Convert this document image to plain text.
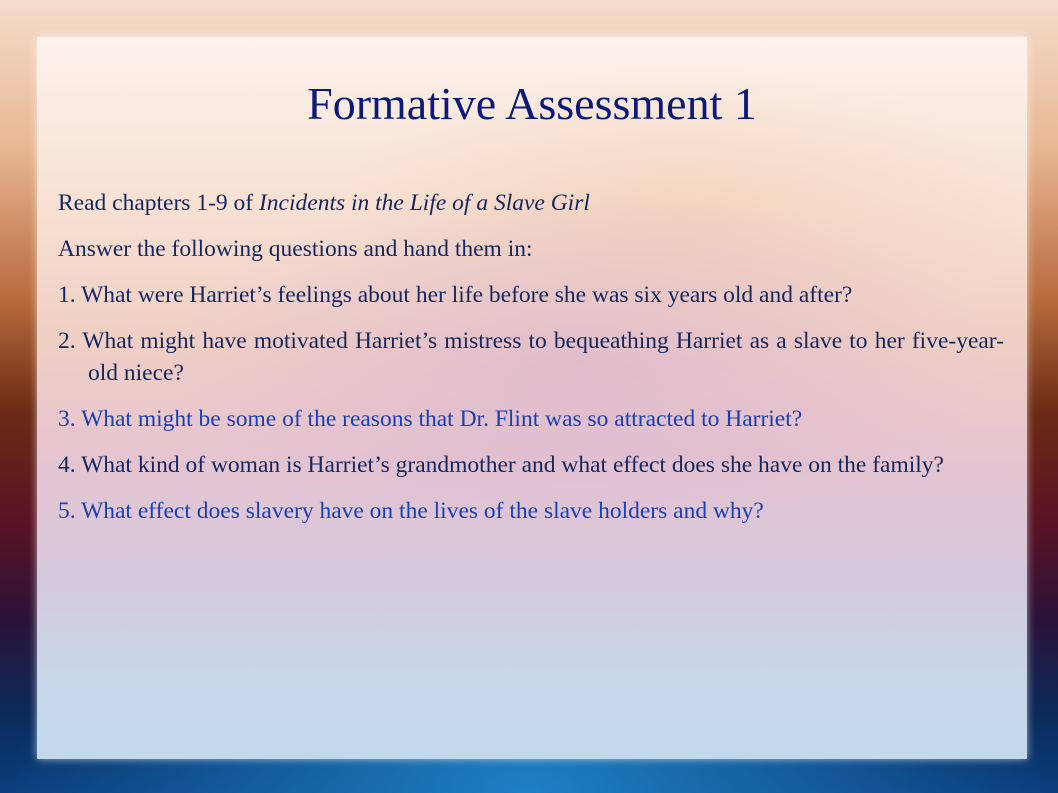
Formative Assessment 1

Read chapters 1-9 of Incidents in the Life of a Slave Girl

Answer the following questions and hand them in:

1. What were Harriet’s feelings about her life before she was six years old and after?

2. What might have motivated Harriet’s mistress to bequeathing Harriet as a slave to her five-year-old niece?

3. What might be some of the reasons that Dr. Flint was so attracted to Harriet?

4. What kind of woman is Harriet’s grandmother and what effect does she have on the family?

5. What effect does slavery have on the lives of the slave holders and why?
